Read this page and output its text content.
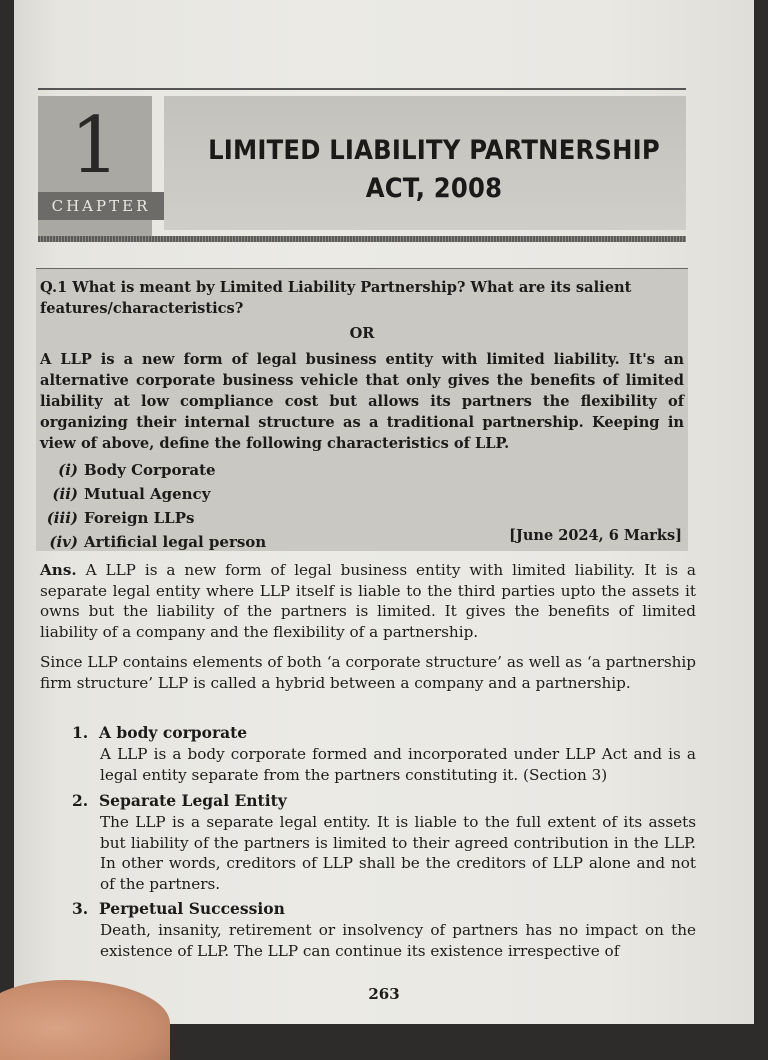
1
CHAPTER
LIMITED LIABILITY PARTNERSHIP
ACT, 2008
Q.1 What is meant by Limited Liability Partnership? What are its salient features/characteristics?
OR
A LLP is a new form of legal business entity with limited liability. It's an alternative corporate business vehicle that only gives the benefits of limited liability at low compliance cost but allows its partners the flexibility of organizing their internal structure as a traditional partnership. Keeping in view of above, define the following characteristics of LLP.
(i) Body Corporate
(ii) Mutual Agency
(iii) Foreign LLPs
(iv) Artificial legal person	[June 2024, 6 Marks]
Ans. A LLP is a new form of legal business entity with limited liability. It is a separate legal entity where LLP itself is liable to the third parties upto the assets it owns but the liability of the partners is limited. It gives the benefits of limited liability of a company and the flexibility of a partnership.
Since LLP contains elements of both ‘a corporate structure’ as well as ‘a partnership firm structure’ LLP is called a hybrid between a company and a partnership.
1. A body corporate
A LLP is a body corporate formed and incorporated under LLP Act and is a legal entity separate from the partners constituting it. (Section 3)
2. Separate Legal Entity
The LLP is a separate legal entity. It is liable to the full extent of its assets but liability of the partners is limited to their agreed contribution in the LLP. In other words, creditors of LLP shall be the creditors of LLP alone and not of the partners.
3. Perpetual Succession
Death, insanity, retirement or insolvency of partners has no impact on the existence of LLP. The LLP can continue its existence irrespective of
263
